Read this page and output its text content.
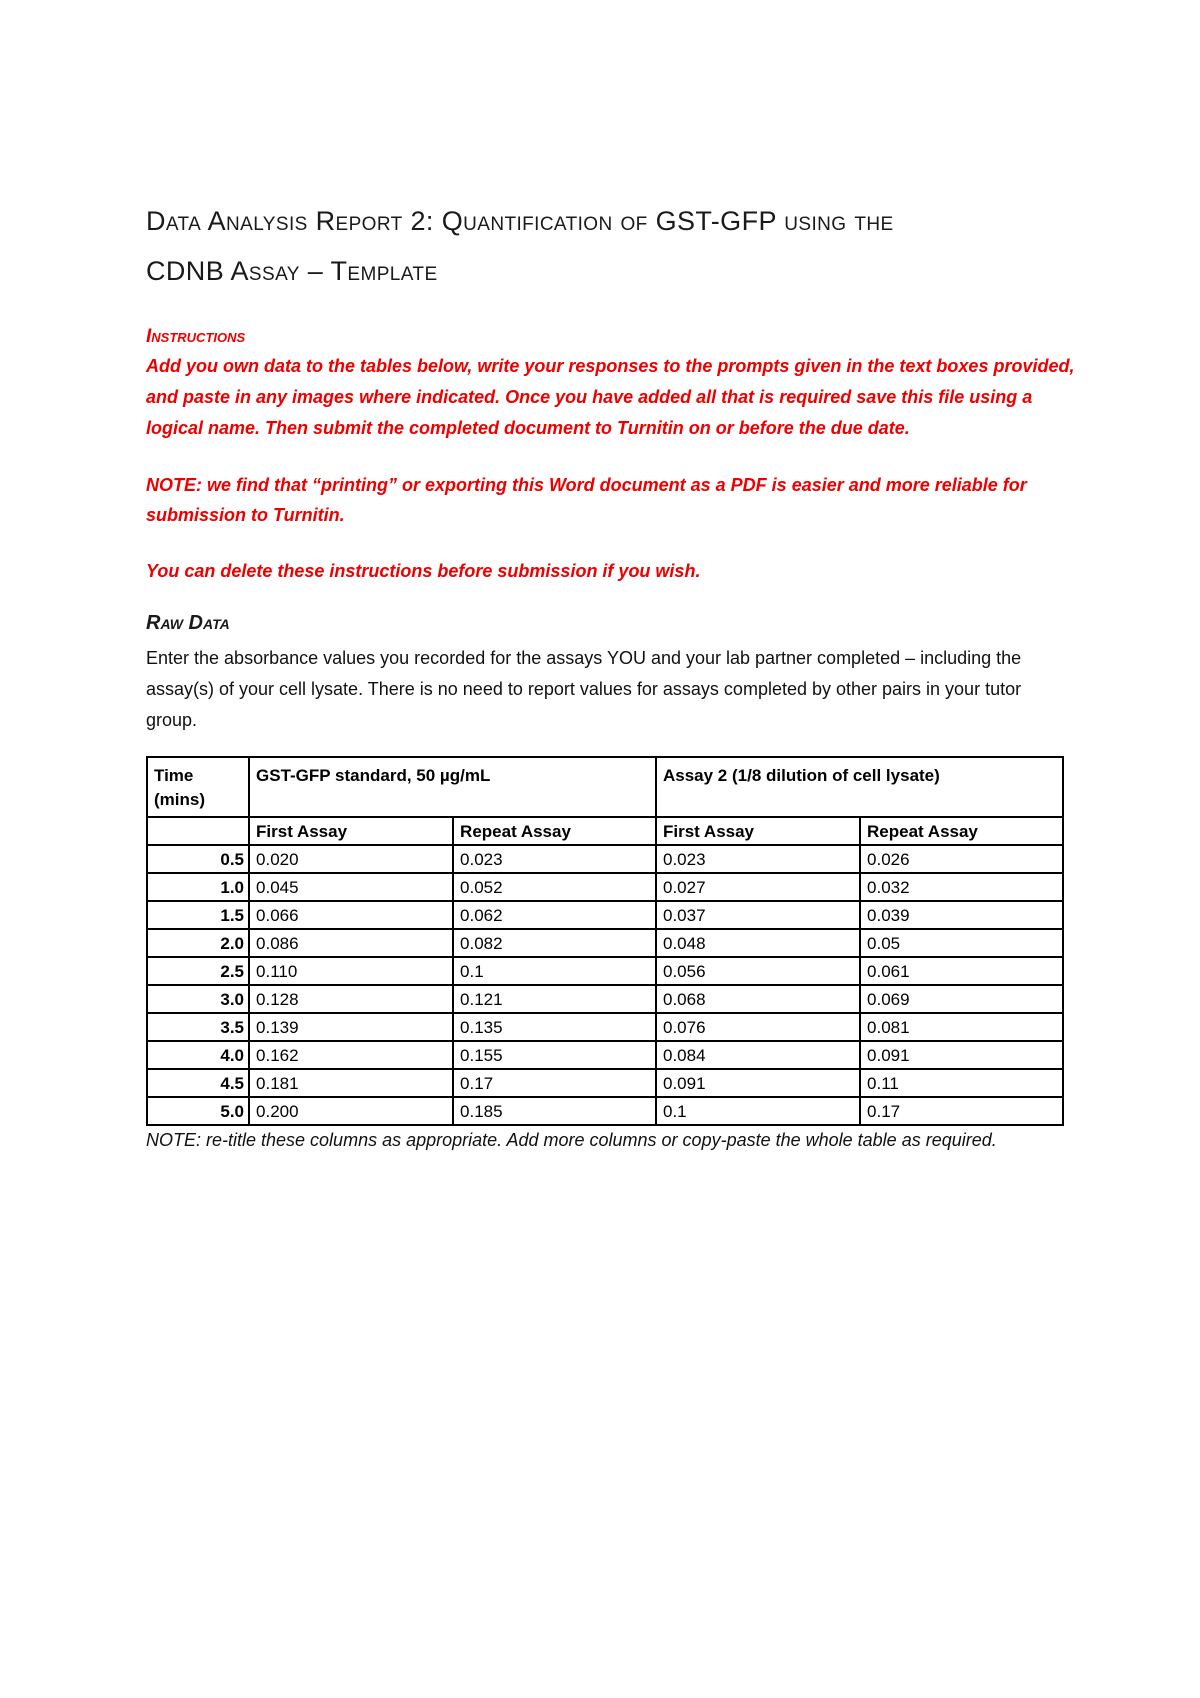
Data Analysis Report 2: Quantification of GST-GFP using the
CDNB Assay – Template

Instructions

Add you own data to the tables below, write your responses to the prompts given in the text boxes provided, and paste in any images where indicated. Once you have added all that is required save this file using a logical name. Then submit the completed document to Turnitin on or before the due date.

NOTE: we find that “printing” or exporting this Word document as a PDF is easier and more reliable for submission to Turnitin.

You can delete these instructions before submission if you wish.

Raw Data

Enter the absorbance values you recorded for the assays YOU and your lab partner completed – including the assay(s) of your cell lysate. There is no need to report values for assays completed by other pairs in your tutor group.

Time (mins)	GST-GFP standard, 50 µg/mL		Assay 2 (1/8 dilution of cell lysate)	
	First Assay	Repeat Assay	First Assay	Repeat Assay
0.5	0.020	0.023	0.023	0.026
1.0	0.045	0.052	0.027	0.032
1.5	0.066	0.062	0.037	0.039
2.0	0.086	0.082	0.048	0.05
2.5	0.110	0.1	0.056	0.061
3.0	0.128	0.121	0.068	0.069
3.5	0.139	0.135	0.076	0.081
4.0	0.162	0.155	0.084	0.091
4.5	0.181	0.17	0.091	0.11
5.0	0.200	0.185	0.1	0.17

NOTE: re-title these columns as appropriate. Add more columns or copy-paste the whole table as required.
